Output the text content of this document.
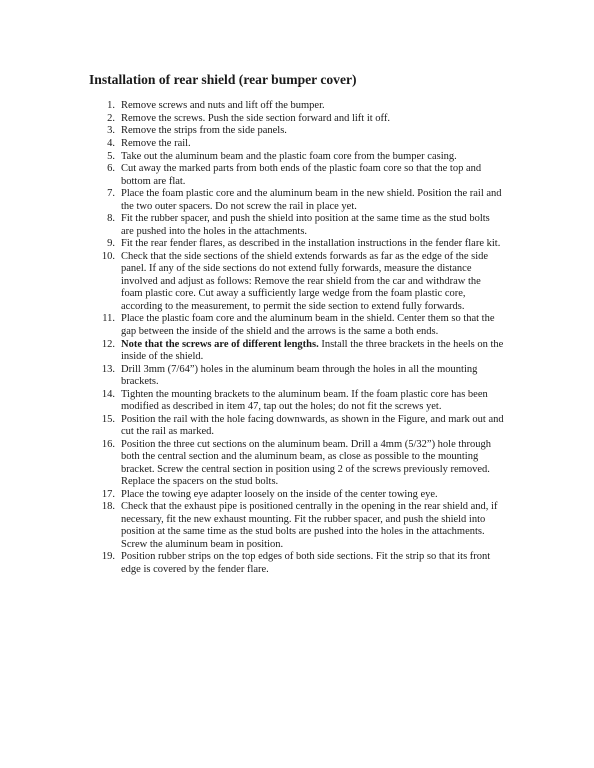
Installation of rear shield (rear bumper cover)
1. Remove screws and nuts and lift off the bumper.
2. Remove the screws. Push the side section forward and lift it off.
3. Remove the strips from the side panels.
4. Remove the rail.
5. Take out the aluminum beam and the plastic foam core from the bumper casing.
6. Cut away the marked parts from both ends of the plastic foam core so that the top and bottom are flat.
7. Place the foam plastic core and the aluminum beam in the new shield. Position the rail and the two outer spacers. Do not screw the rail in place yet.
8. Fit the rubber spacer, and push the shield into position at the same time as the stud bolts are pushed into the holes in the attachments.
9. Fit the rear fender flares, as described in the installation instructions in the fender flare kit.
10. Check that the side sections of the shield extends forwards as far as the edge of the side panel. If any of the side sections do not extend fully forwards, measure the distance involved and adjust as follows: Remove the rear shield from the car and withdraw the foam plastic core. Cut away a sufficiently large wedge from the foam plastic core, according to the measurement, to permit the side section to extend fully forwards.
11. Place the plastic foam core and the aluminum beam in the shield. Center them so that the gap between the inside of the shield and the arrows is the same a both ends.
12. Note that the screws are of different lengths. Install the three brackets in the heels on the inside of the shield.
13. Drill 3mm (7/64”) holes in the aluminum beam through the holes in all the mounting brackets.
14. Tighten the mounting brackets to the aluminum beam. If the foam plastic core has been modified as described in item 47, tap out the holes; do not fit the screws yet.
15. Position the rail with the hole facing downwards, as shown in the Figure, and mark out and cut the rail as marked.
16. Position the three cut sections on the aluminum beam. Drill a 4mm (5/32”) hole through both the central section and the aluminum beam, as close as possible to the mounting bracket. Screw the central section in position using 2 of the screws previously removed. Replace the spacers on the stud bolts.
17. Place the towing eye adapter loosely on the inside of the center towing eye.
18. Check that the exhaust pipe is positioned centrally in the opening in the rear shield and, if necessary, fit the new exhaust mounting. Fit the rubber spacer, and push the shield into position at the same time as the stud bolts are pushed into the holes in the attachments. Screw the aluminum beam in position.
19. Position rubber strips on the top edges of both side sections. Fit the strip so that its front edge is covered by the fender flare.
